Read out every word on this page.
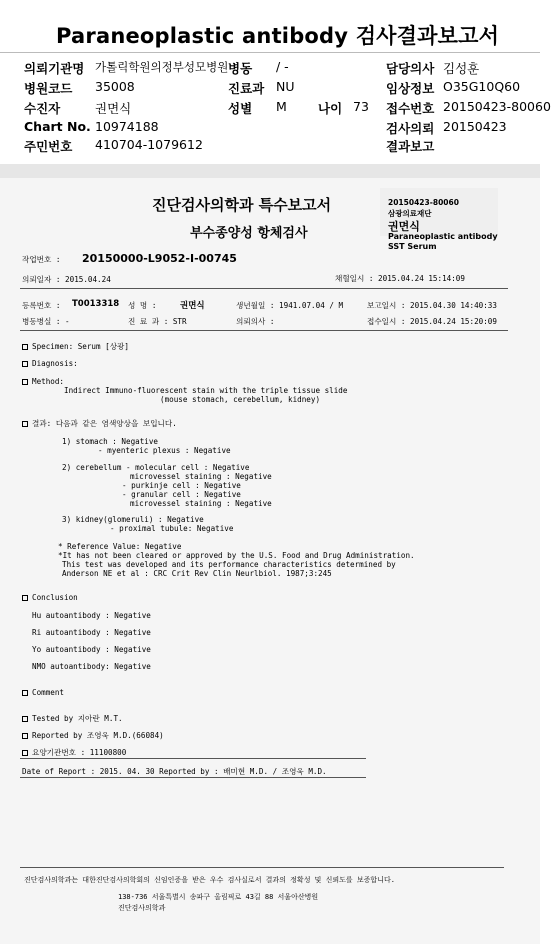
Paraneoplastic antibody 검사결과보고서
의뢰기관명 가톨릭학원의정부성모병원 병동 / -	담당의사 김성훈
병원코드 35008	진료과 NU	임상정보 O35G10Q60
수진자	권면식	성별 M 나이 73 접수번호 20150423-80060
Chart No. 10974188	검사의뢰 20150423
주민번호 410704-1079612	결과보고
진단검사의학과 특수보고서
부수종양성 항체검사
20150423-80060
삼광의료재단
권면식
Paraneoplastic antibody
SST Serum
작업번호 : 20150000-L9052-I-00745
의뢰일자 : 2015.04.24	채혈일시 : 2015.04.24 15:14:09
등록번호 : T0013318 성 명 :	권면식	생년월일 : 1941.07.04 / M	보고일시 : 2015.04.30 14:40:33
병동병실 : -	진 료 과 : STR	의뢰의사 :	접수일시 : 2015.04.24 15:20:09
Specimen: Serum [상광]
Diagnosis:
Method:
Indirect Immuno-fluorescent stain with the triple tissue slide
(mouse stomach, cerebellum, kidney)
결과: 다음과 같은 염색양상을 보입니다.
1) stomach : Negative
- myenteric plexus : Negative
2) cerebellum - molecular cell : Negative
microvessel staining : Negative
- purkinje cell : Negative
- granular cell : Negative
microvessel staining : Negative
3) kidney(glomeruli) : Negative
- proximal tubule: Negative
* Reference Value: Negative
*It has not been cleared or approved by the U.S. Food and Drug Administration.
This test was developed and its performance characteristics determined by
Anderson NE et al : CRC Crit Rev Clin Neurlbiol. 1987;3:245
Conclusion
Hu autoantibody : Negative
Ri autoantibody : Negative
Yo autoantibody : Negative
NMO autoantibody: Negative
Comment
Tested by 지아란 M.T.
Reported by 조영욱 M.D.(66084)
요양기관번호 : 11100800
Date of Report : 2015. 04. 30 Reported by : 배미현 M.D. / 조영욱 M.D.
진단검사의학과는 대한진단검사의학회의 신임인증을 받은 우수 검사실로서 결과의 정확성 및 신뢰도를 보증합니다.
138-736 서울특별시 송파구 올림픽로 43길 88 서울아산병원
진단검사의학과
